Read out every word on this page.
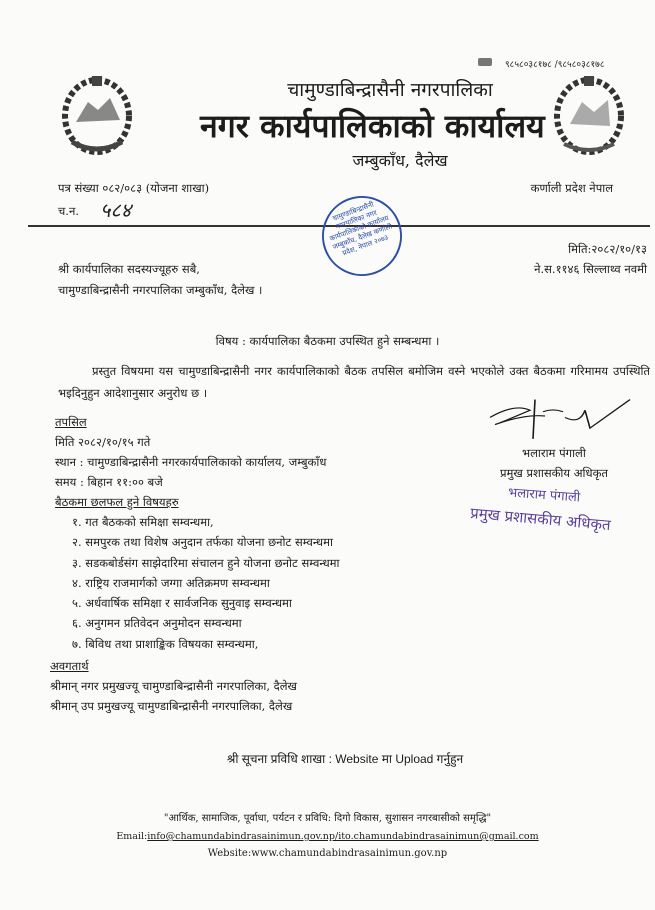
९८५८०३८१७८ /९८५८०३८१७८
चामुण्डाबिन्द्रासैनी नगरपालिका
नगर कार्यपालिकाको कार्यालय
जम्बुकाँध, दैलेख
पत्र संख्या ०८२/०८३ (योजना शाखा)	कर्णाली प्रदेश नेपाल
च.न. ५८४	चामुण्डाबिन्द्रासैनी नगरपालिका नगर कार्यपालिकाको कार्यालय जम्बुकाँध, दैलेख कर्णाली प्रदेश, नेपाल २०७३	मिति:२०८२/१०/१३
ने.स.११४६ सिल्लाथ्व नवमी
श्री कार्यपालिका सदस्यज्यूहरु सबै,
चामुण्डाबिन्द्रासैनी नगरपालिका जम्बुकाँध, दैलेख ।
विषय : कार्यपालिका बैठकमा उपस्थित हुने सम्बन्धमा ।
प्रस्तुत विषयमा यस चामुण्डाबिन्द्रासैनी नगर कार्यपालिकाको बैठक तपसिल बमोजिम वस्ने भएकोले उक्त बैठकमा गरिमामय उपस्थिति भइदिनुहुन आदेशानुसार अनुरोध छ ।
तपसिल
मिति २०८२/१०/१५ गते
स्थान : चामुण्डाबिन्द्रासैनी नगरकार्यपालिकाको कार्यालय, जम्बुकाँध
समय : बिहान ११:०० बजे
बैठकमा छलफल हुने विषयहरु
१. गत बैठकको समिक्षा सम्वन्धमा,
२. समपुरक तथा विशेष अनुदान तर्फका योजना छनोट सम्वन्धमा
३. सडकबोर्डसंग साझेदारिमा संचालन हुने योजना छनोट सम्वन्धमा
४. राष्ट्रिय राजमार्गको जग्गा अतिक्रमण सम्वन्धमा
५. अर्धवार्षिक समिक्षा र सार्वजनिक सुनुवाइ सम्वन्धमा
६. अनुगमन प्रतिवेदन अनुमोदन सम्वन्धमा
७. बिविध तथा प्राशाङ्किक विषयका सम्वन्धमा,
अवगतार्थ
श्रीमान् नगर प्रमुखज्यू चामुण्डाबिन्द्रासैनी नगरपालिका, दैलेख
श्रीमान् उप प्रमुखज्यू चामुण्डाबिन्द्रासैनी नगरपालिका, दैलेख
भलाराम पंगाली
प्रमुख प्रशासकीय अधिकृत
भलाराम पंगाली
प्रमुख प्रशासकीय अधिकृत
श्री सूचना प्रविधि शाखा : Website मा Upload गर्नुहुन
"आर्थिक, सामाजिक, पूर्वाधा, पर्यटन र प्रविधि: दिगो विकास, सुशासन नगरबासीको समृद्धि"
Email:info@chamundabindrasainimun.gov.np/ito.chamundabindrasainimun@gmail.com
Website:www.chamundabindrasainimun.gov.np
